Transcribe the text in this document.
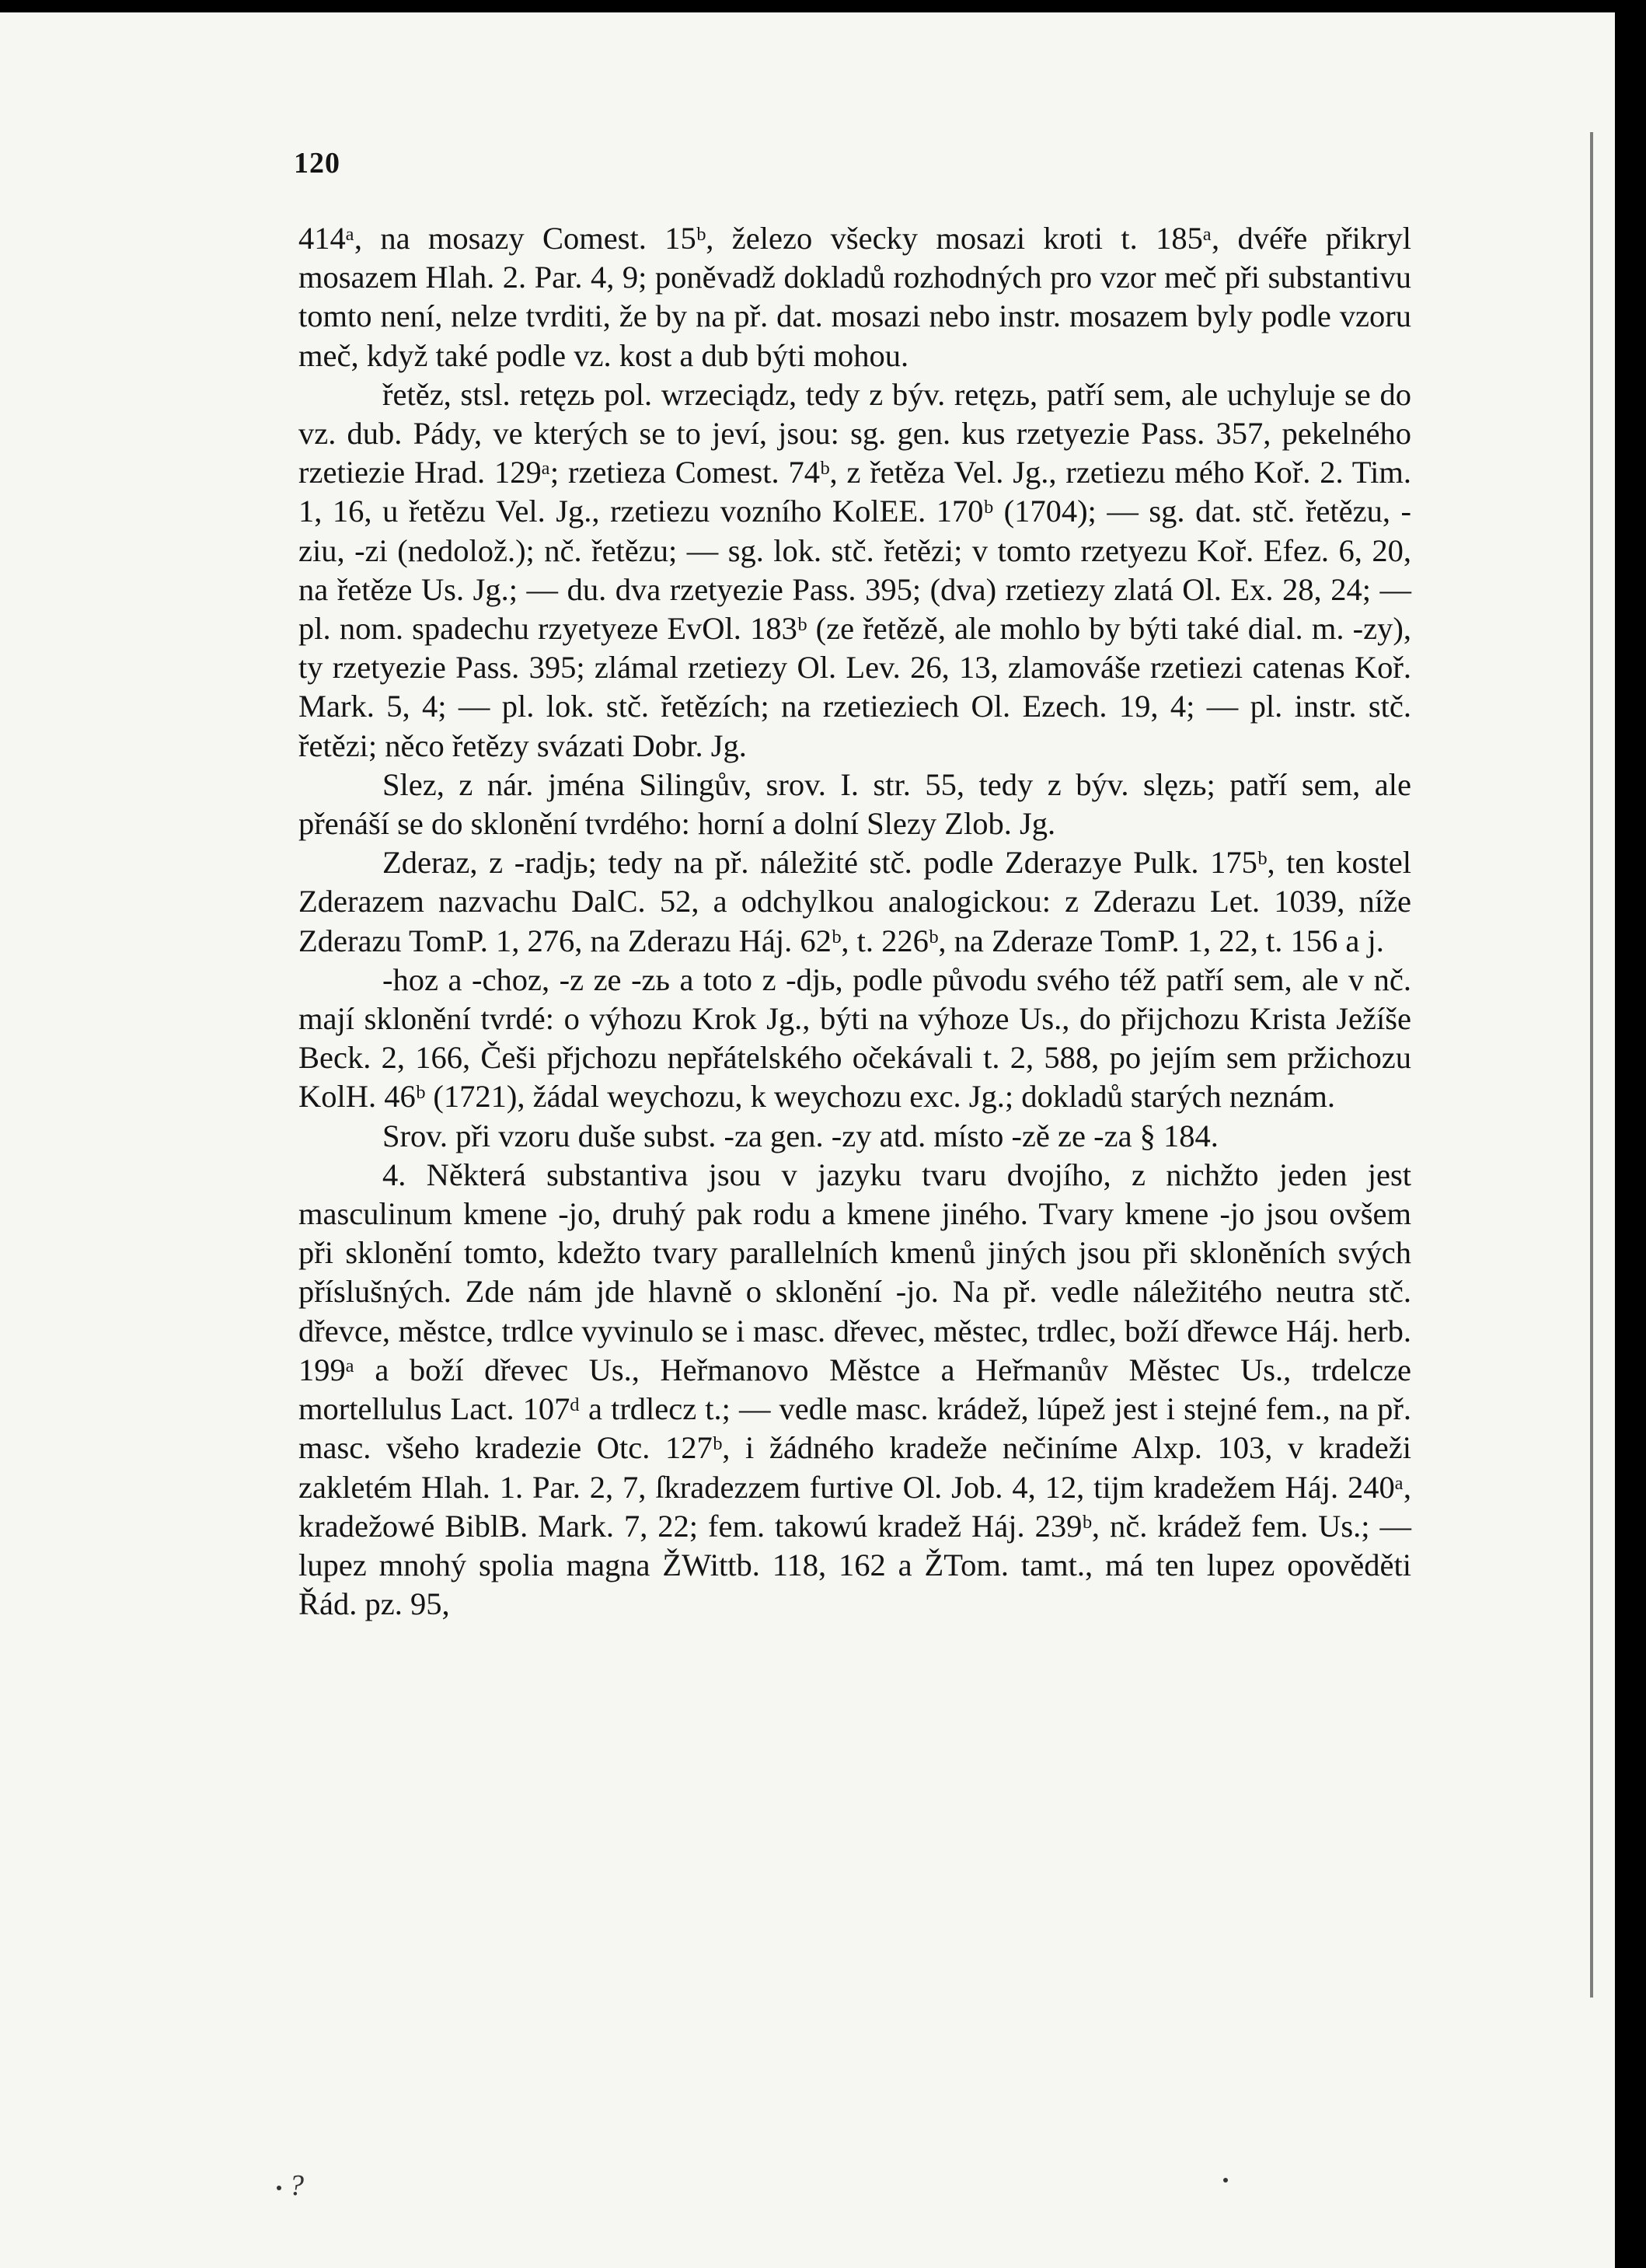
120

414ᵃ, na mosazy Comest. 15ᵇ, železo všecky mosazi kroti t. 185ᵃ, dvéře přikryl mosazem Hlah. 2. Par. 4, 9; poněvadž dokladů rozhodných pro vzor meč při substantivu tomto není, nelze tvrditi, že by na př. dat. mosazi nebo instr. mosazem byly podle vzoru meč, když také podle vz. kost a dub býti mohou.

řetěz, stsl. retęzь pol. wrzeciądz, tedy z býv. retęzь, patří sem, ale uchyluje se do vz. dub. Pády, ve kterých se to jeví, jsou: sg. gen. kus rzetyezie Pass. 357, pekelného rzetiezie Hrad. 129ᵃ; rzetieza Comest. 74ᵇ, z řetěza Vel. Jg., rzetiezu mého Koř. 2. Tim. 1, 16, u řetězu Vel. Jg., rzetiezu vozního KolEE. 170ᵇ (1704); — sg. dat. stč. řetězu, -ziu, -zi (nedolož.); nč. řetězu; — sg. lok. stč. řetězi; v tomto rzetyezu Koř. Efez. 6, 20, na řetěze Us. Jg.; — du. dva rzetyezie Pass. 395; (dva) rzetiezy zlatá Ol. Ex. 28, 24; — pl. nom. spadechu rzyetyeze EvOl. 183ᵇ (ze řetězě, ale mohlo by býti také dial. m. -zy), ty rzetyezie Pass. 395; zlámal rzetiezy Ol. Lev. 26, 13, zlamováše rzetiezi catenas Koř. Mark. 5, 4; — pl. lok. stč. řetězích; na rzetieziech Ol. Ezech. 19, 4; — pl. instr. stč. řetězi; něco řetězy svázati Dobr. Jg.

Slez, z nár. jména Silingův, srov. I. str. 55, tedy z býv. slęzь; patří sem, ale přenáší se do sklonění tvrdého: horní a dolní Slezy Zlob. Jg.

Zderaz, z -radjь; tedy na př. náležité stč. podle Zderazye Pulk. 175ᵇ, ten kostel Zderazem nazvachu DalC. 52, a odchylkou analogickou: z Zderazu Let. 1039, níže Zderazu TomP. 1, 276, na Zderazu Háj. 62ᵇ, t. 226ᵇ, na Zderaze TomP. 1, 22, t. 156 a j.

-hoz a -choz, -z ze -zь a toto z -djь, podle původu svého též patří sem, ale v nč. mají sklonění tvrdé: o výhozu Krok Jg., býti na výhoze Us., do přijchozu Krista Ježíše Beck. 2, 166, Češi přjchozu nepřátelského očekávali t. 2, 588, po jejím sem pržichozu KolH. 46ᵇ (1721), žádal weychozu, k weychozu exc. Jg.; dokladů starých neznám.

Srov. při vzoru duše subst. -za gen. -zy atd. místo -zě ze -za § 184.

4. Některá substantiva jsou v jazyku tvaru dvojího, z nichžto jeden jest masculinum kmene -jo, druhý pak rodu a kmene jiného. Tvary kmene -jo jsou ovšem při sklonění tomto, kdežto tvary parallelních kmenů jiných jsou při skloněních svých příslušných. Zde nám jde hlavně o sklonění -jo. Na př. vedle náležitého neutra stč. dřevce, městce, trdlce vyvinulo se i masc. dřevec, městec, trdlec, boží dřewce Háj. herb. 199ᵃ a boží dřevec Us., Heřmanovo Městce a Heřmanův Městec Us., trdelcze mortellulus Lact. 107ᵈ a trdlecz t.; — vedle masc. krádež, lúpež jest i stejné fem., na př. masc. všeho kradezie Otc. 127ᵇ, i žádného kradeže nečiníme Alxp. 103, v kradeži zakletém Hlah. 1. Par. 2, 7, ſkradezzem furtive Ol. Job. 4, 12, tijm kradežem Háj. 240ᵃ, kradežowé BiblB. Mark. 7, 22; fem. takowú kradež Háj. 239ᵇ, nč. krádež fem. Us.; — lupez mnohý spolia magna ŽWittb. 118, 162 a ŽTom. tamt., má ten lupez opověděti Řád. pz. 95,

?
